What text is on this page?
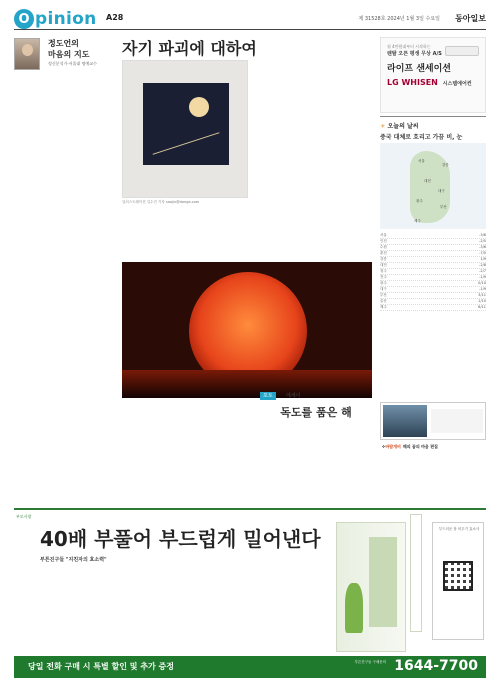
O pinion A28	제 31528호 2024년 1월 3일 수요일 동아일보
정도언의
마음의 지도
정신분석가·서울대 명예교수
자기 파괴에 대하여
일러스트레이션 김수진 기자 soojin@donga.com
월 4만원대부터 시작하는
렌탈 오픈 평생 무상 A/S
라이프 샌세이션
LG WHISEN 시스템에어컨
☀ 오늘의 날씨
중국 대체로 흐리고 가끔 비, 눈
서울
강릉
대전
대구
광주
부산
제주
서울	-3/6
인천	-2/5
수원	-3/6
춘천	-7/5
강릉	1/9
대전	-2/8
청주	-2/7
전주	-1/9
광주	0/10
대구	-1/9
부산	3/11
울산	1/10
제주	6/11
포토	에세이
독도를 품은 해
✣바람개비 해의 꿈의 마음 편집
부모사랑
40배 부풀어 부드럽게 밀어낸다
부튼진구들 "지친자의 효소력"
부드러운 장 비우기 효소사
당일 전화 구매 시 특별 할인 및 추가 증정	부튼진구들 구매문의 1644-7700
